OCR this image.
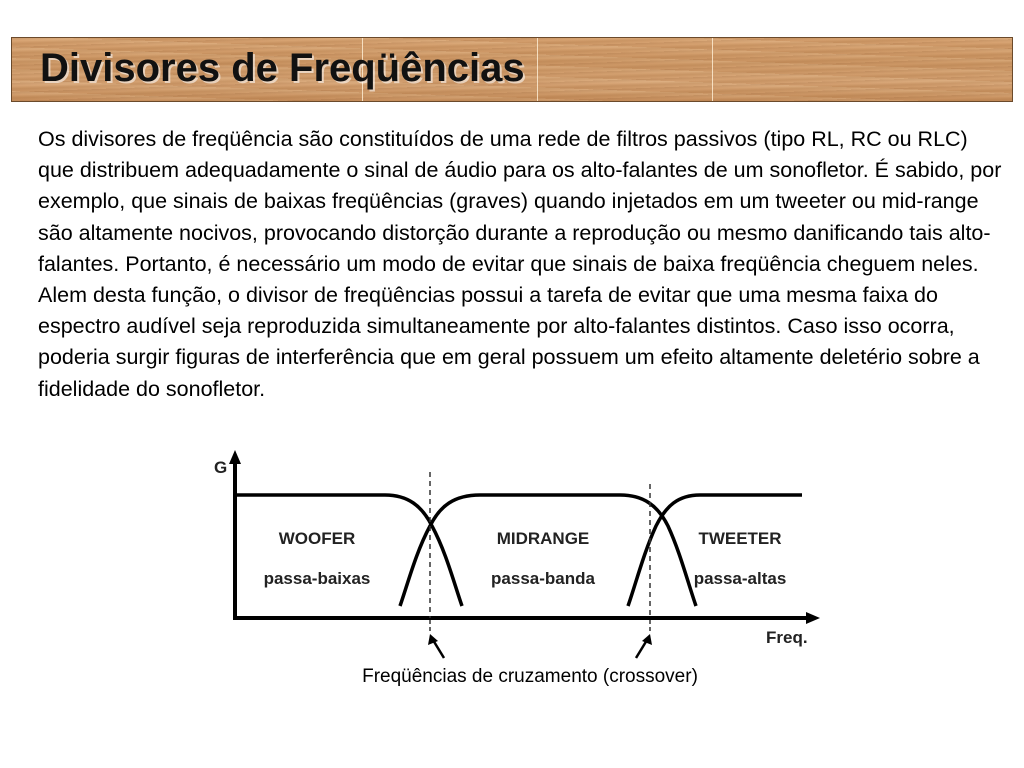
Divisores de Freqüências
Os divisores de freqüência são constituídos de uma rede de filtros passivos (tipo RL, RC ou RLC) que distribuem adequadamente o sinal de áudio para os alto-falantes de um sonofletor. É sabido, por exemplo, que sinais de baixas freqüências (graves) quando injetados em um tweeter ou mid-range são altamente nocivos, provocando distorção durante a reprodução ou mesmo danificando tais alto-falantes. Portanto, é necessário um modo de evitar que sinais de baixa freqüência cheguem neles. Alem desta função, o divisor de freqüências possui a tarefa de evitar que uma mesma faixa do espectro audível seja reproduzida simultaneamente por alto-falantes distintos. Caso isso ocorra, poderia surgir figuras de interferência que em geral possuem um efeito altamente deletério sobre a fidelidade do sonofletor.
G
Freq.
WOOFER
passa-baixas
MIDRANGE
passa-banda
TWEETER
passa-altas
Freqüências de cruzamento (crossover)
